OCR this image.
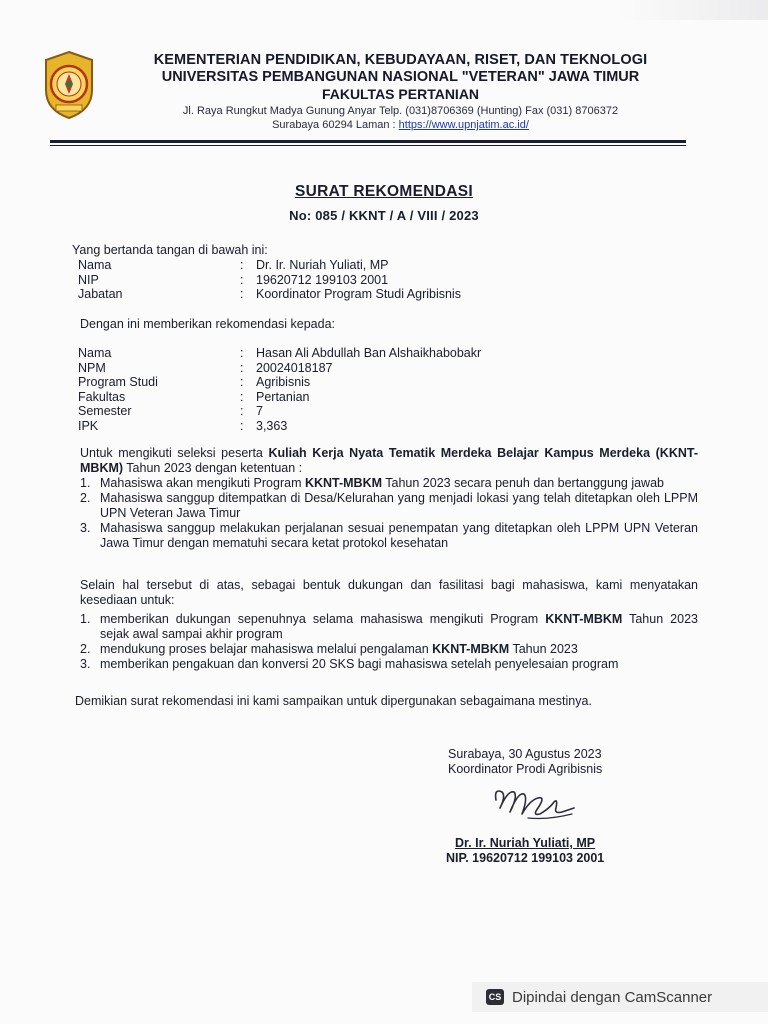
KEMENTERIAN PENDIDIKAN, KEBUDAYAAN, RISET, DAN TEKNOLOGI
UNIVERSITAS PEMBANGUNAN NASIONAL "VETERAN" JAWA TIMUR
FAKULTAS PERTANIAN
Jl. Raya Rungkut Madya Gunung Anyar Telp. (031)8706369 (Hunting) Fax (031) 8706372
Surabaya 60294 Laman : https://www.upnjatim.ac.id/
SURAT REKOMENDASI
No: 085 / KKNT / A / VIII / 2023
Yang bertanda tangan di bawah ini:
Nama	: Dr. Ir. Nuriah Yuliati, MP
NIP	: 19620712 199103 2001
Jabatan	: Koordinator Program Studi Agribisnis
Dengan ini memberikan rekomendasi kepada:
Nama	: Hasan Ali Abdullah Ban Alshaikhabobakr
NPM	: 20024018187
Program Studi	: Agribisnis
Fakultas	: Pertanian
Semester	: 7
IPK	: 3,363
Untuk mengikuti seleksi peserta Kuliah Kerja Nyata Tematik Merdeka Belajar Kampus Merdeka (KKNT-MBKM) Tahun 2023 dengan ketentuan :
1. Mahasiswa akan mengikuti Program KKNT-MBKM Tahun 2023 secara penuh dan bertanggung jawab
2. Mahasiswa sanggup ditempatkan di Desa/Kelurahan yang menjadi lokasi yang telah ditetapkan oleh LPPM UPN Veteran Jawa Timur
3. Mahasiswa sanggup melakukan perjalanan sesuai penempatan yang ditetapkan oleh LPPM UPN Veteran Jawa Timur dengan mematuhi secara ketat protokol kesehatan
Selain hal tersebut di atas, sebagai bentuk dukungan dan fasilitasi bagi mahasiswa, kami menyatakan kesediaan untuk:
1. memberikan dukungan sepenuhnya selama mahasiswa mengikuti Program KKNT-MBKM Tahun 2023 sejak awal sampai akhir program
2. mendukung proses belajar mahasiswa melalui pengalaman KKNT-MBKM Tahun 2023
3. memberikan pengakuan dan konversi 20 SKS bagi mahasiswa setelah penyelesaian program
Demikian surat rekomendasi ini kami sampaikan untuk dipergunakan sebagaimana mestinya.
Surabaya, 30 Agustus 2023
Koordinator Prodi Agribisnis
Dr. Ir. Nuriah Yuliati, MP
NIP. 19620712 199103 2001
CS Dipindai dengan CamScanner
